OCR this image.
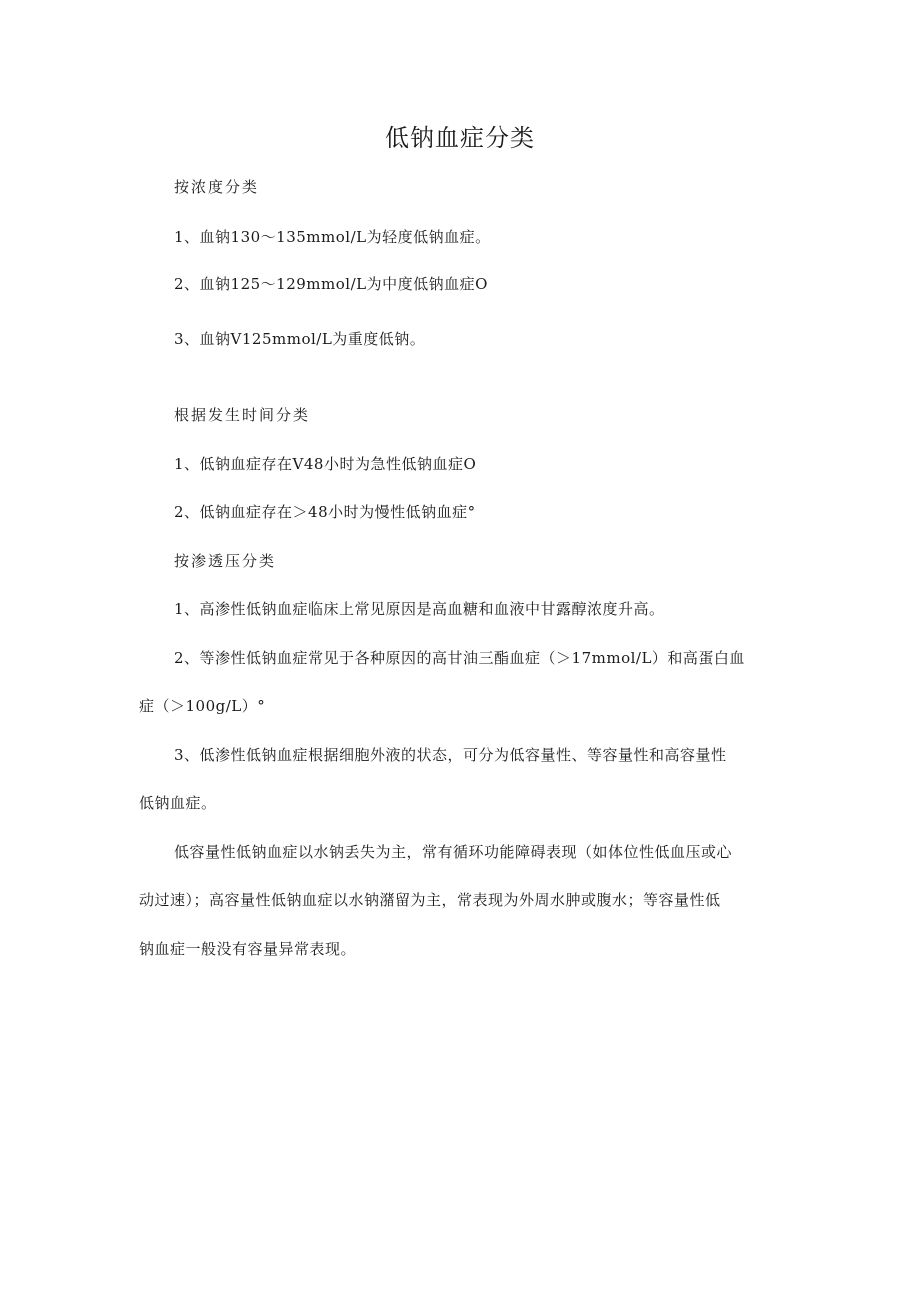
低钠血症分类
按浓度分类
1、血钠130～135mmol/L为轻度低钠血症。
2、血钠125～129mmol/L为中度低钠血症O
3、血钠V125mmol/L为重度低钠。
根据发生时间分类
1、低钠血症存在V48小时为急性低钠血症O
2、低钠血症存在＞48小时为慢性低钠血症°
按渗透压分类
1、高渗性低钠血症临床上常见原因是高血糖和血液中甘露醇浓度升高。
2、等渗性低钠血症常见于各种原因的高甘油三酯血症（＞17mmol/L）和高蛋白血
症（＞100g/L）°
3、低渗性低钠血症根据细胞外液的状态，可分为低容量性、等容量性和高容量性
低钠血症。
低容量性低钠血症以水钠丢失为主，常有循环功能障碍表现（如体位性低血压或心
动过速）；高容量性低钠血症以水钠潴留为主，常表现为外周水肿或腹水；等容量性低
钠血症一般没有容量异常表现。
